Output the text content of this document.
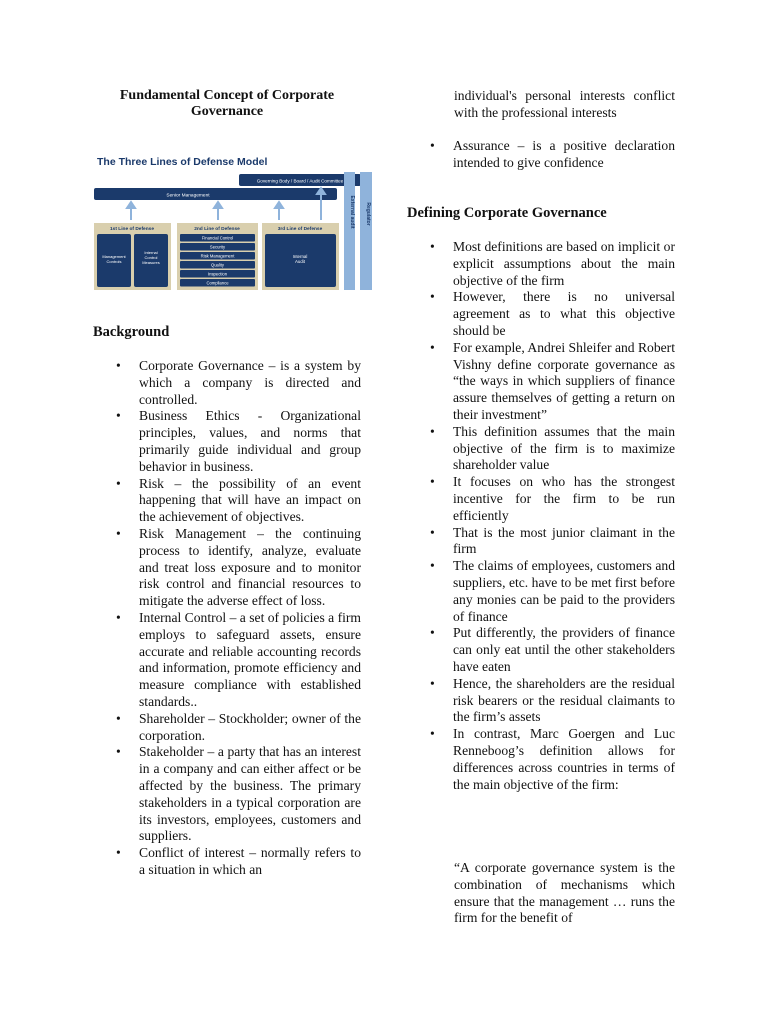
Fundamental Concept of Corporate Governance
The Three Lines of Defense Model
Governing Body / Board / Audit Committee
Senior Management
1st Line of Defense
Management Controls
Internal Control Measures
2nd Line of Defense
Financial Control
Security
Risk Management
Quality
Inspection
Compliance
3rd Line of Defense
Internal Audit
External audit Regulator
Background
• Corporate Governance – is a system by which a company is directed and controlled.
• Business Ethics - Organizational principles, values, and norms that primarily guide individual and group behavior in business.
• Risk – the possibility of an event happening that will have an impact on the achievement of objectives.
• Risk Management – the continuing process to identify, analyze, evaluate and treat loss exposure and to monitor risk control and financial resources to mitigate the adverse effect of loss.
• Internal Control – a set of policies a firm employs to safeguard assets, ensure accurate and reliable accounting records and information, promote efficiency and measure compliance with established standards..
• Shareholder – Stockholder; owner of the corporation.
• Stakeholder – a party that has an interest in a company and can either affect or be affected by the business. The primary stakeholders in a typical corporation are its investors, employees, customers and suppliers.
• Conflict of interest – normally refers to a situation in which an
individual's personal interests conflict with the professional interests
• Assurance – is a positive declaration intended to give confidence
Defining Corporate Governance
• Most definitions are based on implicit or explicit assumptions about the main objective of the firm
• However, there is no universal agreement as to what this objective should be
• For example, Andrei Shleifer and Robert Vishny define corporate governance as “the ways in which suppliers of finance assure themselves of getting a return on their investment”
• This definition assumes that the main objective of the firm is to maximize shareholder value
• It focuses on who has the strongest incentive for the firm to be run efficiently
• That is the most junior claimant in the firm
• The claims of employees, customers and suppliers, etc. have to be met first before any monies can be paid to the providers of finance
• Put differently, the providers of finance can only eat until the other stakeholders have eaten
• Hence, the shareholders are the residual risk bearers or the residual claimants to the firm’s assets
• In contrast, Marc Goergen and Luc Renneboog’s definition allows for differences across countries in terms of the main objective of the firm:
“A corporate governance system is the combination of mechanisms which ensure that the management … runs the firm for the benefit of
